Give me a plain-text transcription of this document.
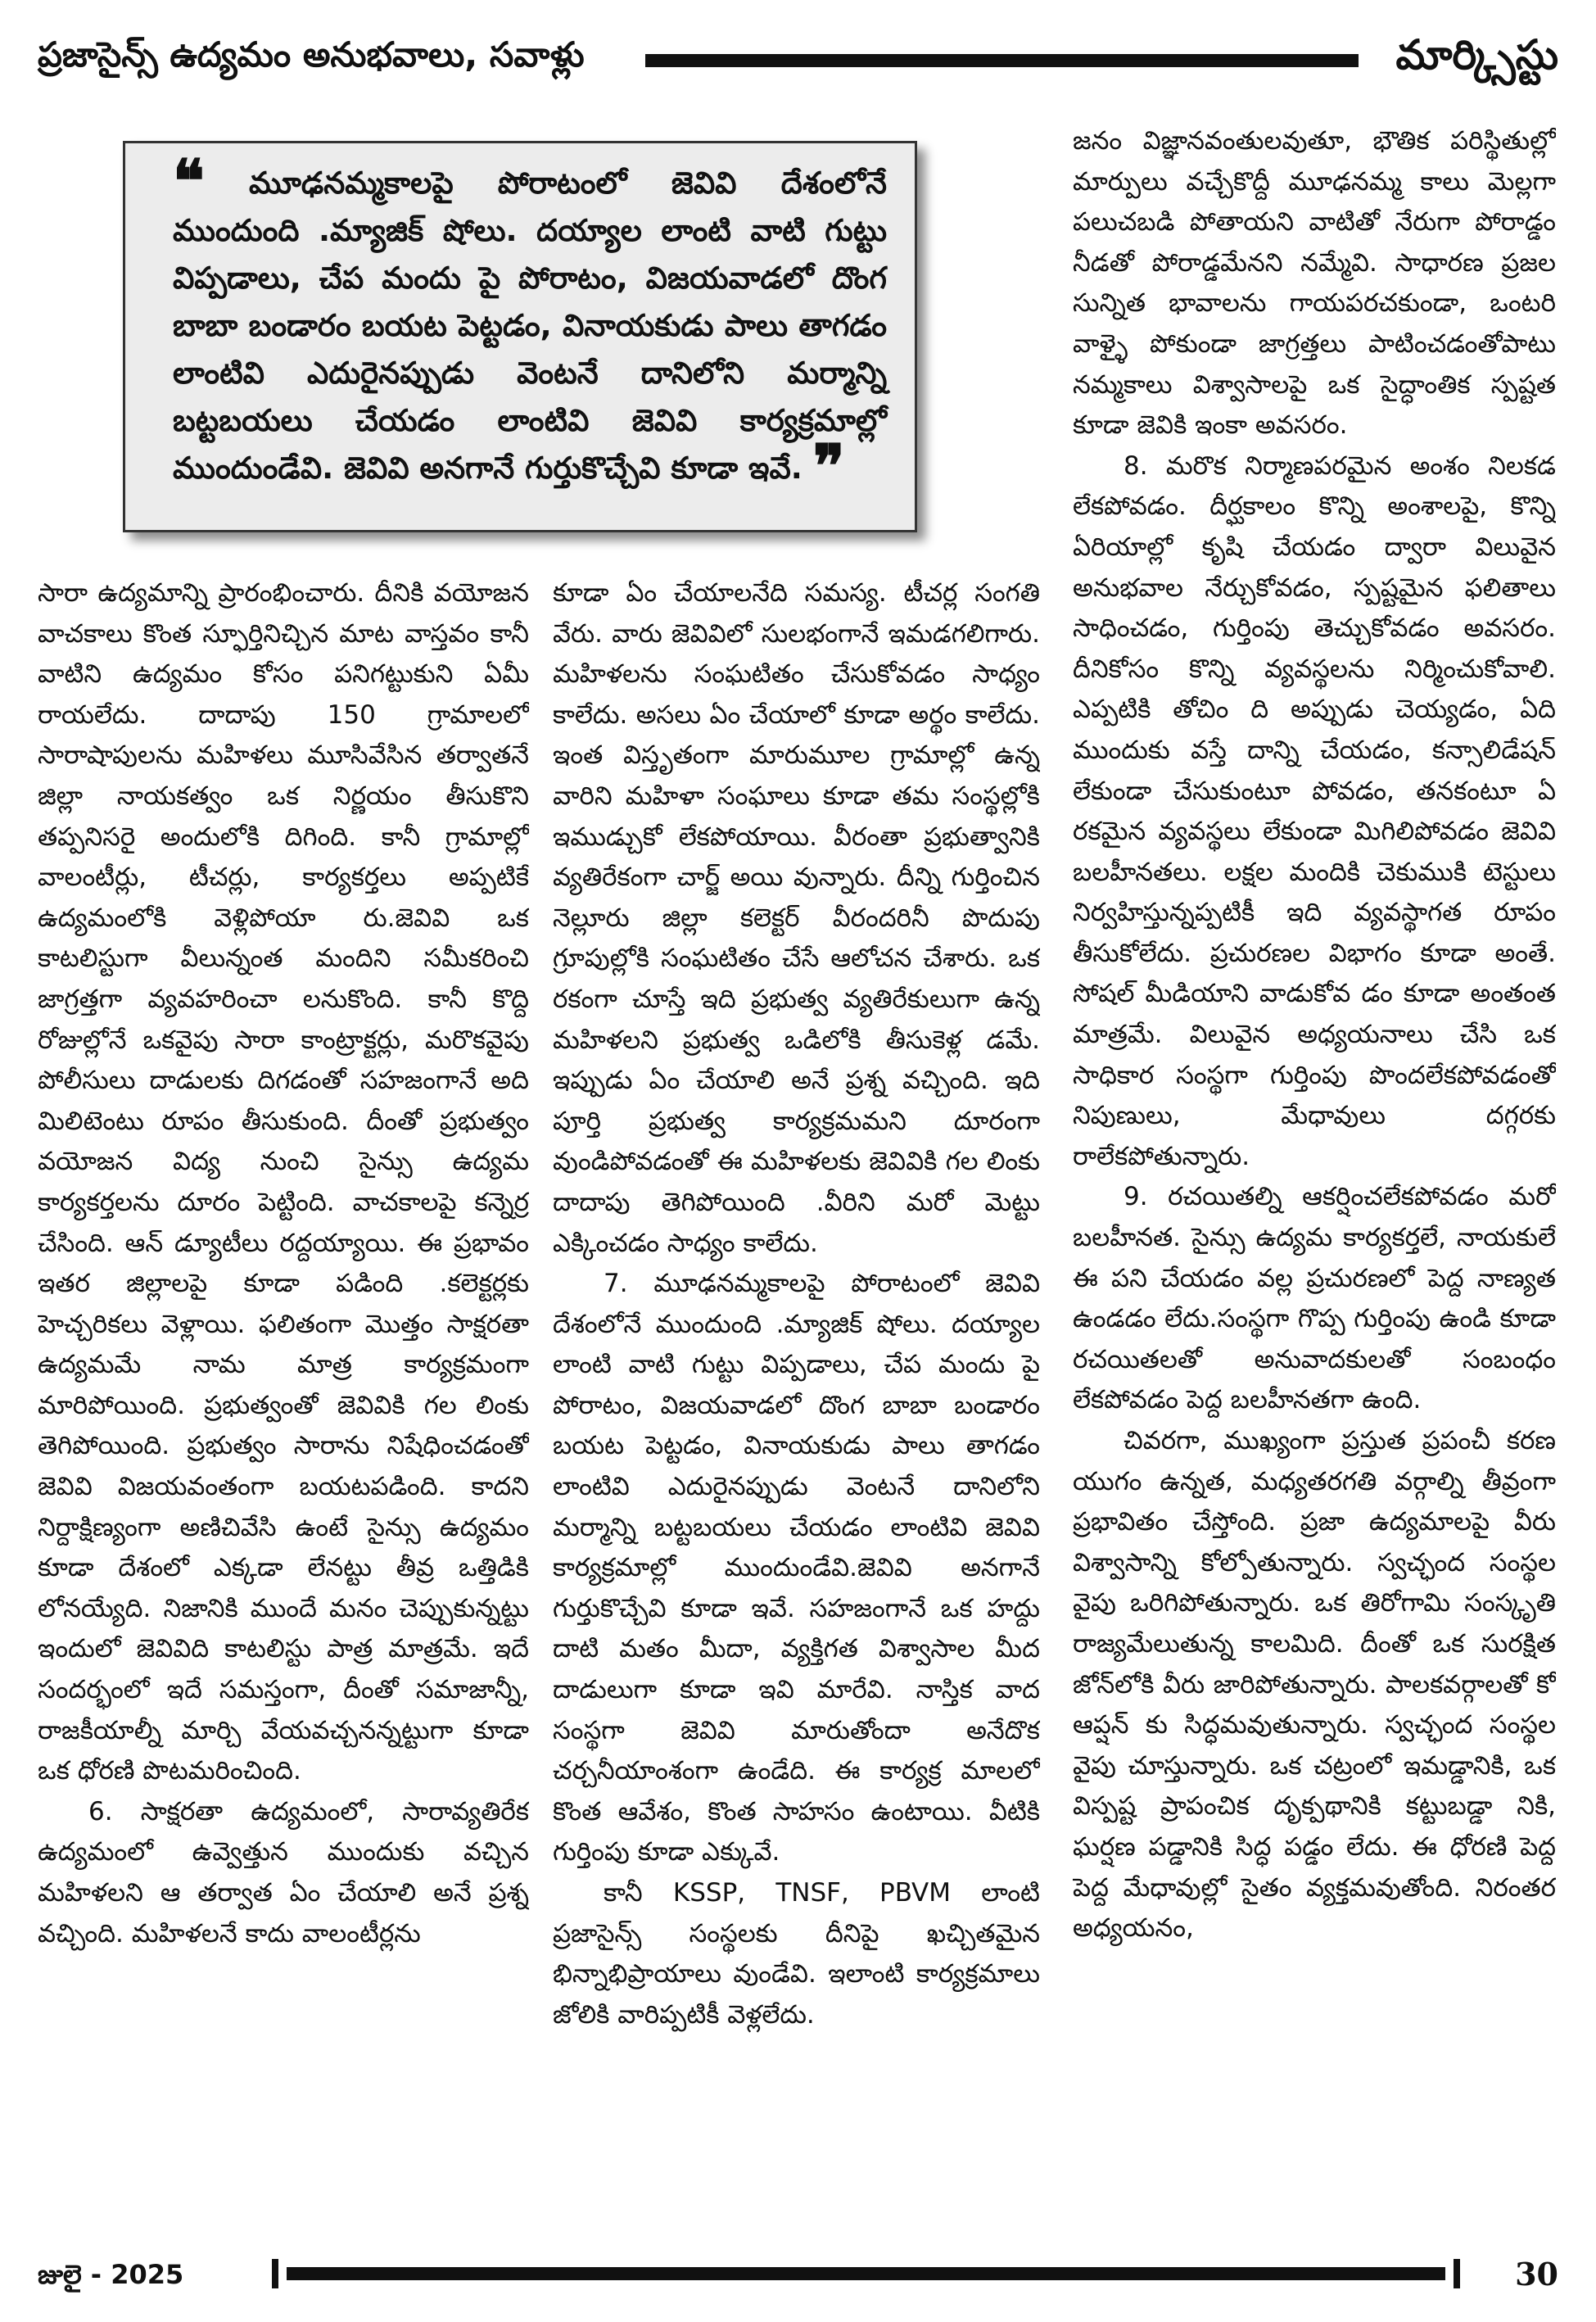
ప్రజాసైన్స్ ఉద్యమం అనుభవాలు, సవాళ్లు	మార్క్సిస్టు

❝ మూఢనమ్మకాలపై పోరాటంలో జెవివి దేశంలోనే ముందుంది .మ్యాజిక్ షోలు. దయ్యాల లాంటి వాటి గుట్టు విప్పడాలు, చేప మందు పై పోరాటం, విజయవాడలో దొంగ బాబా బండారం బయట పెట్టడం, వినాయకుడు పాలు తాగడం లాంటివి ఎదురైనప్పుడు వెంటనే దానిలోని మర్మాన్ని బట్టబయలు చేయడం లాంటివి జెవివి కార్యక్రమాల్లో ముందుండేవి. జెవివి అనగానే గుర్తుకొచ్చేవి కూడా ఇవే. ❞

సారా ఉద్యమాన్ని ప్రారంభించారు. దీనికి వయోజన వాచకాలు కొంత స్ఫూర్తినిచ్చిన మాట వాస్తవం కానీ వాటిని ఉద్యమం కోసం పనిగట్టుకుని ఏమీ రాయలేదు. దాదాపు 150 గ్రామాలలో సారాషాపులను మహిళలు మూసివేసిన తర్వాతనే జిల్లా నాయకత్వం ఒక నిర్ణయం తీసుకొని తప్పనిసరై అందులోకి దిగింది. కానీ గ్రామాల్లో వాలంటీర్లు, టీచర్లు, కార్యకర్తలు అప్పటికే ఉద్యమంలోకి వెళ్లిపోయా రు.జెవివి ఒక కాటలిస్టుగా వీలున్నంత మందిని సమీకరించి జాగ్రత్తగా వ్యవహరించా లనుకొంది. కానీ కొద్ది రోజుల్లోనే ఒకవైపు సారా కాంట్రాక్టర్లు, మరొకవైపు పోలీసులు దాడులకు దిగడంతో సహజంగానే అది మిలిటెంటు రూపం తీసుకుంది. దీంతో ప్రభుత్వం వయోజన విద్య నుంచి సైన్సు ఉద్యమ కార్యకర్తలను దూరం పెట్టింది. వాచకాలపై కన్నెర్ర చేసింది. ఆన్ డ్యూటీలు రద్దయ్యాయి. ఈ ప్రభావం ఇతర జిల్లాలపై కూడా పడింది .కలెక్టర్లకు హెచ్చరికలు వెళ్లాయి. ఫలితంగా మొత్తం సాక్షరతా ఉద్యమమే నామ మాత్ర కార్యక్రమంగా మారిపోయింది. ప్రభుత్వంతో జెవివికి గల లింకు తెగిపోయింది. ప్రభుత్వం సారాను నిషేధించడంతో జెవివి విజయవంతంగా బయటపడింది. కాదని నిర్దాక్షిణ్యంగా అణిచివేసి ఉంటే సైన్సు ఉద్యమం కూడా దేశంలో ఎక్కడా లేనట్టు తీవ్ర ఒత్తిడికి లోనయ్యేది. నిజానికి ముందే మనం చెప్పుకున్నట్టు ఇందులో జెవివిది కాటలిస్టు పాత్ర మాత్రమే. ఇదే సందర్భంలో ఇదే సమస్తంగా, దీంతో సమాజాన్నీ, రాజకీయాల్నీ మార్చి వేయవచ్చనన్నట్టుగా కూడా ఒక ధోరణి పొటమరించింది.

6. సాక్షరతా ఉద్యమంలో, సారావ్యతిరేక ఉద్యమంలో ఉవ్వెత్తున ముందుకు వచ్చిన మహిళలని ఆ తర్వాత ఏం చేయాలి అనే ప్రశ్న వచ్చింది. మహిళలనే కాదు వాలంటీర్లను

కూడా ఏం చేయాలనేది సమస్య. టీచర్ల సంగతి వేరు. వారు జెవివిలో సులభంగానే ఇమడగలిగారు. మహిళలను సంఘటితం చేసుకోవడం సాధ్యం కాలేదు. అసలు ఏం చేయాలో కూడా అర్థం కాలేదు. ఇంత విస్తృతంగా మారుమూల గ్రామాల్లో ఉన్న వారిని మహిళా సంఘాలు కూడా తమ సంస్థల్లోకి ఇముడ్చుకో లేకపోయాయి. వీరంతా ప్రభుత్వానికి వ్యతిరేకంగా చార్జ్ అయి వున్నారు. దీన్ని గుర్తించిన నెల్లూరు జిల్లా కలెక్టర్ వీరందరినీ పొదుపు గ్రూపుల్లోకి సంఘటితం చేసే ఆలోచన చేశారు. ఒక రకంగా చూస్తే ఇది ప్రభుత్వ వ్యతిరేకులుగా ఉన్న మహిళలని ప్రభుత్వ ఒడిలోకి తీసుకెళ్ల డమే. ఇప్పుడు ఏం చేయాలి అనే ప్రశ్న వచ్చింది. ఇది పూర్తి ప్రభుత్వ కార్యక్రమమని దూరంగా వుండిపోవడంతో ఈ మహిళలకు జెవివికి గల లింకు దాదాపు తెగిపోయింది .వీరిని మరో మెట్టు ఎక్కించడం సాధ్యం కాలేదు.

7. మూఢనమ్మకాలపై పోరాటంలో జెవివి దేశంలోనే ముందుంది .మ్యాజిక్ షోలు. దయ్యాల లాంటి వాటి గుట్టు విప్పడాలు, చేప మందు పై పోరాటం, విజయవాడలో దొంగ బాబా బండారం బయట పెట్టడం, వినాయకుడు పాలు తాగడం లాంటివి ఎదురైనప్పుడు వెంటనే దానిలోని మర్మాన్ని బట్టబయలు చేయడం లాంటివి జెవివి కార్యక్రమాల్లో ముందుండేవి.జెవివి అనగానే గుర్తుకొచ్చేవి కూడా ఇవే. సహజంగానే ఒక హద్దు దాటి మతం మీదా, వ్యక్తిగత విశ్వాసాల మీద దాడులుగా కూడా ఇవి మారేవి. నాస్తిక వాద సంస్థగా జెవివి మారుతోందా అనేదొక చర్చనీయాంశంగా ఉండేది. ఈ కార్యక్ర మాలలో కొంత ఆవేశం, కొంత సాహసం ఉంటాయి. వీటికి గుర్తింపు కూడా ఎక్కువే.

కానీ KSSP, TNSF, PBVM లాంటి ప్రజాసైన్స్ సంస్థలకు దీనిపై ఖచ్చితమైన భిన్నాభిప్రాయాలు వుండేవి. ఇలాంటి కార్యక్రమాలు జోలికి వారిప్పటికీ వెళ్లలేదు.

జనం విజ్ఞానవంతులవుతూ, భౌతిక పరిస్థితుల్లో మార్పులు వచ్చేకొద్దీ మూఢనమ్మ కాలు మెల్లగా పలుచబడి పోతాయని వాటితో నేరుగా పోరాడ్డం నీడతో పోరాడ్డమేనని నమ్మేవి. సాధారణ ప్రజల సున్నిత భావాలను గాయపరచకుండా, ఒంటరి వాళ్ళై పోకుండా జాగ్రత్తలు పాటించడంతోపాటు నమ్మకాలు విశ్వాసాలపై ఒక సైద్ధాంతిక స్పష్టత కూడా జెవికి ఇంకా అవసరం.

8. మరొక నిర్మాణపరమైన అంశం నిలకడ లేకపోవడం. దీర్ఘకాలం కొన్ని అంశాలపై, కొన్ని ఏరియాల్లో కృషి చేయడం ద్వారా విలువైన అనుభవాల నేర్చుకోవడం, స్పష్టమైన ఫలితాలు సాధించడం, గుర్తింపు తెచ్చుకోవడం అవసరం. దీనికోసం కొన్ని వ్యవస్థలను నిర్మించుకోవాలి. ఎప్పటికి తోచిం ది అప్పుడు చెయ్యడం, ఏది ముందుకు వస్తే దాన్ని చేయడం, కన్సాలిడేషన్ లేకుండా చేసుకుంటూ పోవడం, తనకంటూ ఏ రకమైన వ్యవస్థలు లేకుండా మిగిలిపోవడం జెవివి బలహీనతలు. లక్షల మందికి చెకుముకి టెస్టులు నిర్వహిస్తున్నప్పటికీ ఇది వ్యవస్థాగత రూపం తీసుకోలేదు. ప్రచురణల విభాగం కూడా అంతే. సోషల్ మీడియాని వాడుకోవ డం కూడా అంతంత మాత్రమే. విలువైన అధ్యయనాలు చేసి ఒక సాధికార సంస్థగా గుర్తింపు పొందలేకపోవడంతో నిపుణులు, మేధావులు దగ్గరకు రాలేకపోతున్నారు.

9. రచయితల్ని ఆకర్షించలేకపోవడం మరో బలహీనత. సైన్సు ఉద్యమ కార్యకర్తలే, నాయకులే ఈ పని చేయడం వల్ల ప్రచురణలో పెద్ద నాణ్యత ఉండడం లేదు.సంస్థగా గొప్ప గుర్తింపు ఉండి కూడా రచయితలతో అనువాదకులతో సంబంధం లేకపోవడం పెద్ద బలహీనతగా ఉంది.

చివరగా, ముఖ్యంగా ప్రస్తుత ప్రపంచీ కరణ యుగం ఉన్నత, మధ్యతరగతి వర్గాల్ని తీవ్రంగా ప్రభావితం చేస్తోంది. ప్రజా ఉద్యమాలపై వీరు విశ్వాసాన్ని కోల్పోతున్నారు. స్వచ్ఛంద సంస్థల వైపు ఒరిగిపోతున్నారు. ఒక తిరోగామి సంస్కృతి రాజ్యమేలుతున్న కాలమిది. దీంతో ఒక సురక్షిత జోన్‌లోకి వీరు జారిపోతున్నారు. పాలకవర్గాలతో కో ఆప్షన్ కు సిద్ధమవుతున్నారు. స్వచ్ఛంద సంస్థల వైపు చూస్తున్నారు. ఒక చట్రంలో ఇమడ్డానికి, ఒక విస్పష్ట ప్రాపంచిక దృక్పథానికి కట్టుబడ్డా నికి, ఘర్షణ పడ్డానికి సిద్ధ పడ్డం లేదు. ఈ ధోరణి పెద్ద పెద్ద మేధావుల్లో సైతం వ్యక్తమవుతోంది. నిరంతర అధ్యయనం,

జులై - 2025	30
